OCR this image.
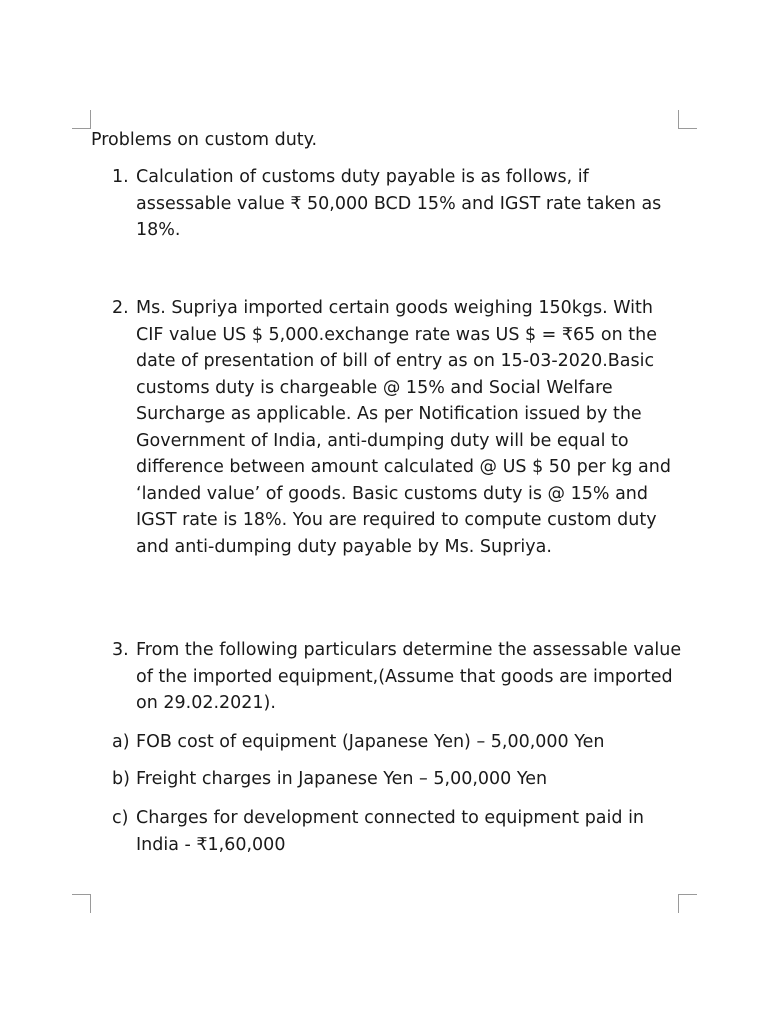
Problems on custom duty.
1. Calculation of customs duty payable is as follows, if assessable value ₹ 50,000 BCD 15% and IGST rate taken as 18%.
2. Ms. Supriya imported certain goods weighing 150kgs. With CIF value US $ 5,000.exchange rate was US $ = ₹65 on the date of presentation of bill of entry as on 15-03-2020.Basic customs duty is chargeable @ 15% and Social Welfare Surcharge as applicable. As per Notification issued by the Government of India, anti-dumping duty will be equal to difference between amount calculated @ US $ 50 per kg and ‘landed value’ of goods. Basic customs duty is @ 15% and IGST rate is 18%. You are required to compute custom duty and anti-dumping duty payable by Ms. Supriya.
3. From the following particulars determine the assessable value of the imported equipment,(Assume that goods are imported on 29.02.2021).
a) FOB cost of equipment (Japanese Yen) – 5,00,000 Yen
b) Freight charges in Japanese Yen – 5,00,000 Yen
c) Charges for development connected to equipment paid in India - ₹1,60,000
